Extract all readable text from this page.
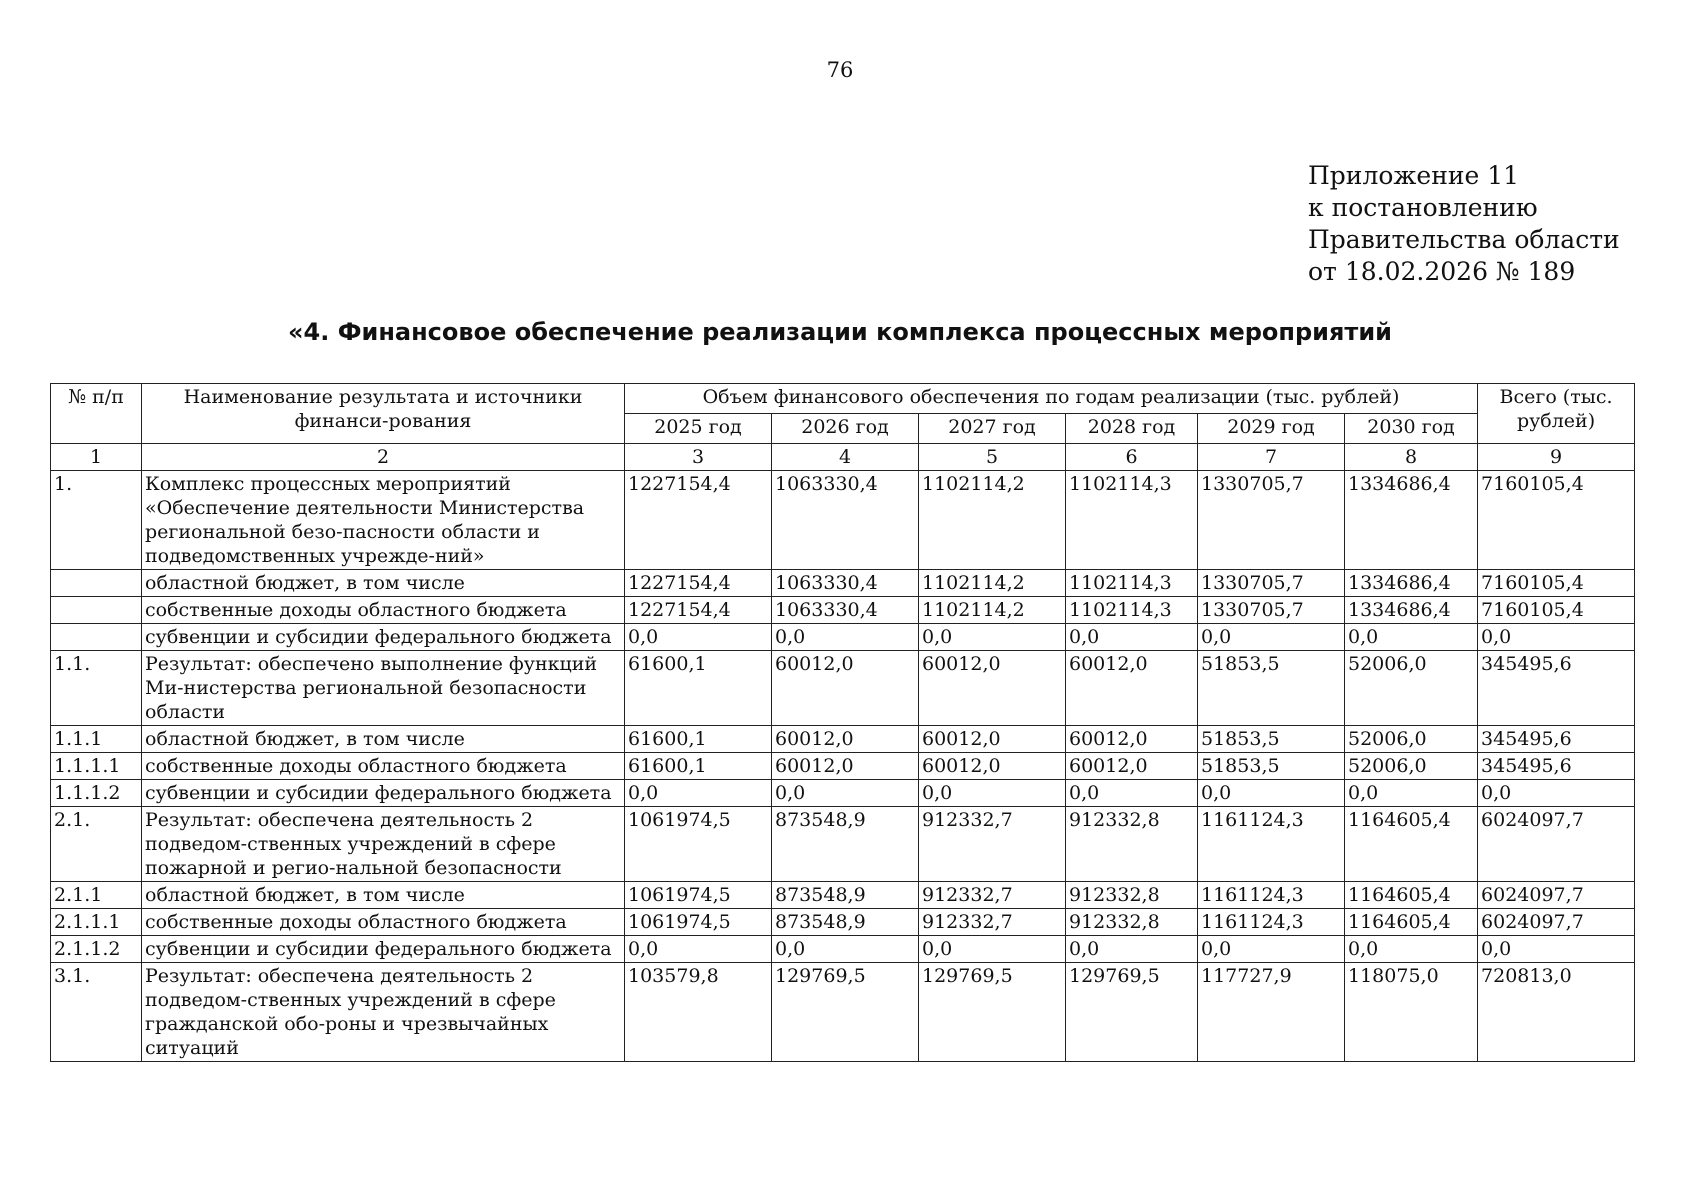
76
Приложение 11
к постановлению
Правительства области
от 18.02.2026 № 189
«4. Финансовое обеспечение реализации комплекса процессных мероприятий
№ п/п	Наименование результата и источники финанси-рования	Объем финансового обеспечения по годам реализации (тыс. рублей)						Всего (тыс. рублей)
		2025 год	2026 год	2027 год	2028 год	2029 год	2030 год	
1	2	3	4	5	6	7	8	9
1.	Комплекс процессных мероприятий «Обеспечение деятельности Министерства региональной безо-пасности области и подведомственных учрежде-ний»	1227154,4	1063330,4	1102114,2	1102114,3	1330705,7	1334686,4	7160105,4
	областной бюджет, в том числе	1227154,4	1063330,4	1102114,2	1102114,3	1330705,7	1334686,4	7160105,4
	собственные доходы областного бюджета	1227154,4	1063330,4	1102114,2	1102114,3	1330705,7	1334686,4	7160105,4
	субвенции и субсидии федерального бюджета	0,0	0,0	0,0	0,0	0,0	0,0	0,0
1.1.	Результат: обеспечено выполнение функций Ми-нистерства региональной безопасности области	61600,1	60012,0	60012,0	60012,0	51853,5	52006,0	345495,6
1.1.1	областной бюджет, в том числе	61600,1	60012,0	60012,0	60012,0	51853,5	52006,0	345495,6
1.1.1.1	собственные доходы областного бюджета	61600,1	60012,0	60012,0	60012,0	51853,5	52006,0	345495,6
1.1.1.2	субвенции и субсидии федерального бюджета	0,0	0,0	0,0	0,0	0,0	0,0	0,0
2.1.	Результат: обеспечена деятельность 2 подведом-ственных учреждений в сфере пожарной и регио-нальной безопасности	1061974,5	873548,9	912332,7	912332,8	1161124,3	1164605,4	6024097,7
2.1.1	областной бюджет, в том числе	1061974,5	873548,9	912332,7	912332,8	1161124,3	1164605,4	6024097,7
2.1.1.1	собственные доходы областного бюджета	1061974,5	873548,9	912332,7	912332,8	1161124,3	1164605,4	6024097,7
2.1.1.2	субвенции и субсидии федерального бюджета	0,0	0,0	0,0	0,0	0,0	0,0	0,0
3.1.	Результат: обеспечена деятельность 2 подведом-ственных учреждений в сфере гражданской обо-роны и чрезвычайных ситуаций	103579,8	129769,5	129769,5	129769,5	117727,9	118075,0	720813,0
